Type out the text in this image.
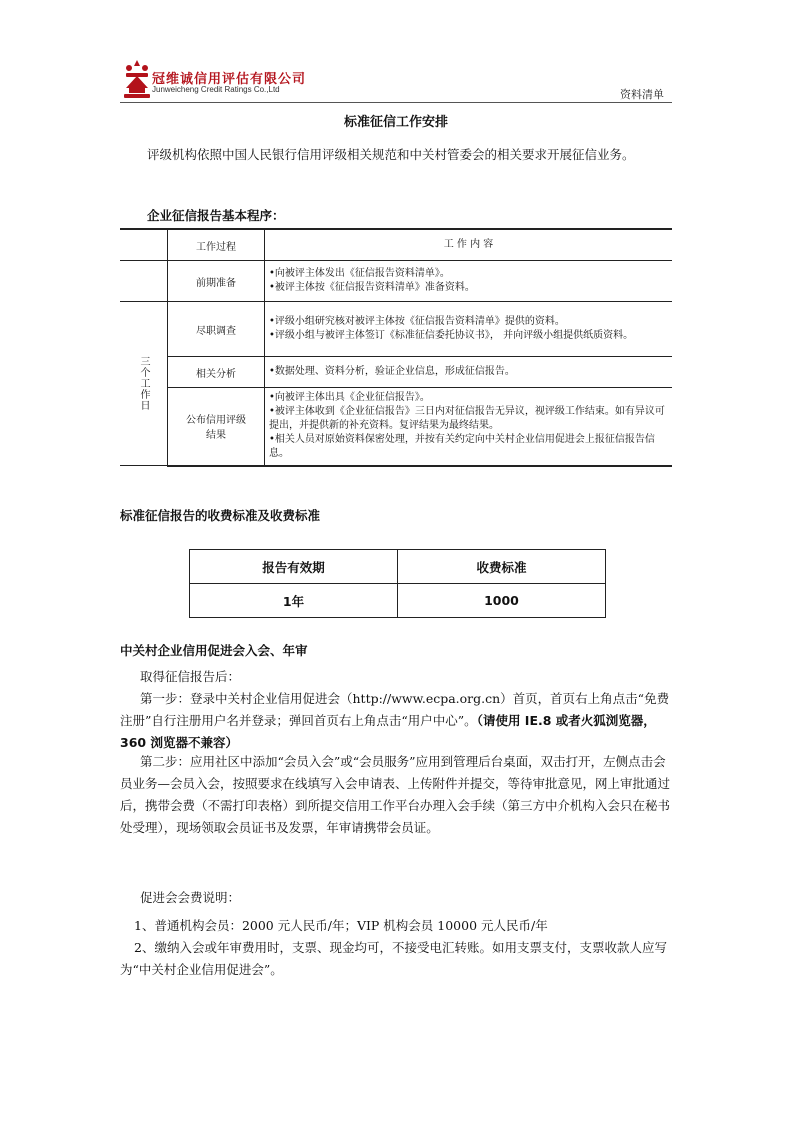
冠维诚信用评估有限公司
Junweicheng Credit Ratings Co.,Ltd	资料清单
标准征信工作安排
评级机构依照中国人民银行信用评级相关规范和中关村管委会的相关要求开展征信业务。
企业征信报告基本程序：
	工作过程	工 作 内 容
	前期准备	•向被评主体发出《征信报告资料清单》。
•被评主体按《征信报告资料清单》准备资料。

三个工作日	尽职调查	•评级小组研究核对被评主体按《征信报告资料清单》提供的资料。
•评级小组与被评主体签订《标准征信委托协议书》， 并向评级小组提供纸质资料。

	相关分析	•数据处理、资料分析，验证企业信息，形成征信报告。

	公布信用评级结果	•向被评主体出具《企业征信报告》。
•被评主体收到《企业征信报告》三日内对征信报告无异议，视评级工作结束。如有异议可提出，并提供新的补充资料。复评结果为最终结果。
•相关人员对原始资料保密处理，并按有关约定向中关村企业信用促进会上报征信报告信息。
标准征信报告的收费标准及收费标准
报告有效期	收费标准
1年	1000
中关村企业信用促进会入会、年审
取得征信报告后：
第一步：登录中关村企业信用促进会（http://www.ecpa.org.cn）首页，首页右上角点击“免费注册”自行注册用户名并登录；弹回首页右上角点击“用户中心”。（请使用 IE.8 或者火狐浏览器，360 浏览器不兼容）
第二步：应用社区中添加“会员入会”或“会员服务”应用到管理后台桌面，双击打开，左侧点击会员业务—会员入会，按照要求在线填写入会申请表、上传附件并提交，等待审批意见，网上审批通过后，携带会费（不需打印表格）到所提交信用工作平台办理入会手续（第三方中介机构入会只在秘书处受理），现场领取会员证书及发票，年审请携带会员证。
促进会会费说明：
1、普通机构会员：2000 元人民币/年；VIP 机构会员 10000 元人民币/年
2、缴纳入会或年审费用时，支票、现金均可，不接受电汇转账。如用支票支付，支票收款人应写为“中关村企业信用促进会”。
